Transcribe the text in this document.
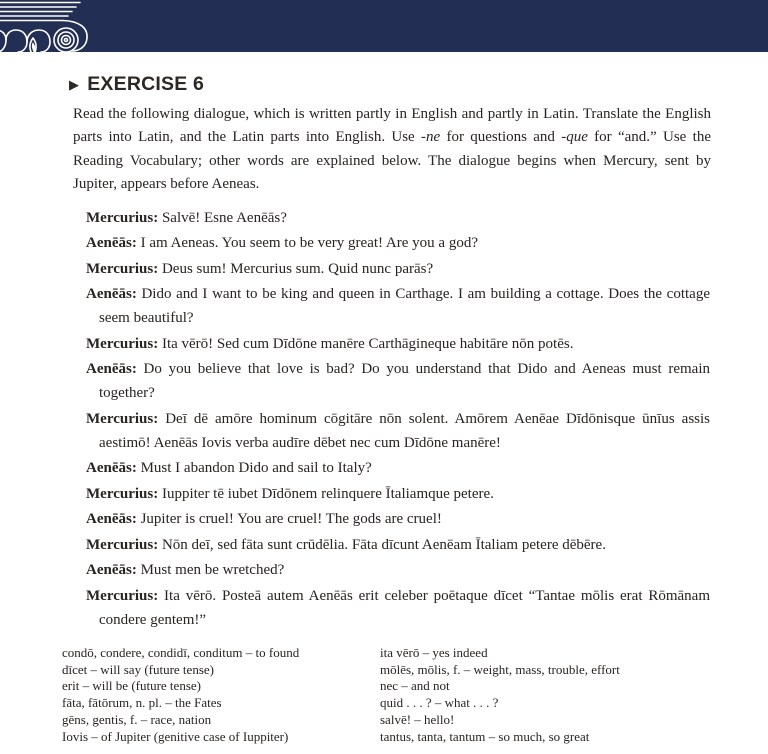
▶ EXERCISE 6

Read the following dialogue, which is written partly in English and partly in Latin. Translate the English parts into Latin, and the Latin parts into English. Use -ne for questions and -que for “and.” Use the Reading Vocabulary; other words are explained below. The dialogue begins when Mercury, sent by Jupiter, appears before Aeneas.

Mercurius: Salvē! Esne Aenēās?

Aenēās: I am Aeneas. You seem to be very great! Are you a god?

Mercurius: Deus sum! Mercurius sum. Quid nunc parās?

Aenēās: Dido and I want to be king and queen in Carthage. I am building a cottage. Does the cottage seem beautiful?

Mercurius: Ita vērō! Sed cum Dīdōne manēre Carthāgineque habitāre nōn potēs.

Aenēās: Do you believe that love is bad? Do you understand that Dido and Aeneas must remain together?

Mercurius: Deī dē amōre hominum cōgitāre nōn solent. Amōrem Aenēae Dīdōnisque ūnīus assis aestimō! Aenēās Iovis verba audīre dēbet nec cum Dīdōne manēre!

Aenēās: Must I abandon Dido and sail to Italy?

Mercurius: Iuppiter tē iubet Dīdōnem relinquere Ītaliamque petere.

Aenēās: Jupiter is cruel! You are cruel! The gods are cruel!

Mercurius: Nōn deī, sed fāta sunt crūdēlia. Fāta dīcunt Aenēam Ītaliam petere dēbēre.

Aenēās: Must men be wretched?

Mercurius: Ita vērō. Posteā autem Aenēās erit celeber poētaque dīcet “Tantae mōlis erat Rōmānam condere gentem!”

condō, condere, condidī, conditum – to found
dīcet – will say (future tense)
erit – will be (future tense)
fāta, fātōrum, n. pl. – the Fates
gēns, gentis, f. – race, nation
Iovis – of Jupiter (genitive case of Iuppiter)
ita vērō – yes indeed
mōlēs, mōlis, f. – weight, mass, trouble, effort
nec – and not
quid . . . ? – what . . . ?
salvē! – hello!
tantus, tanta, tantum – so much, so great
